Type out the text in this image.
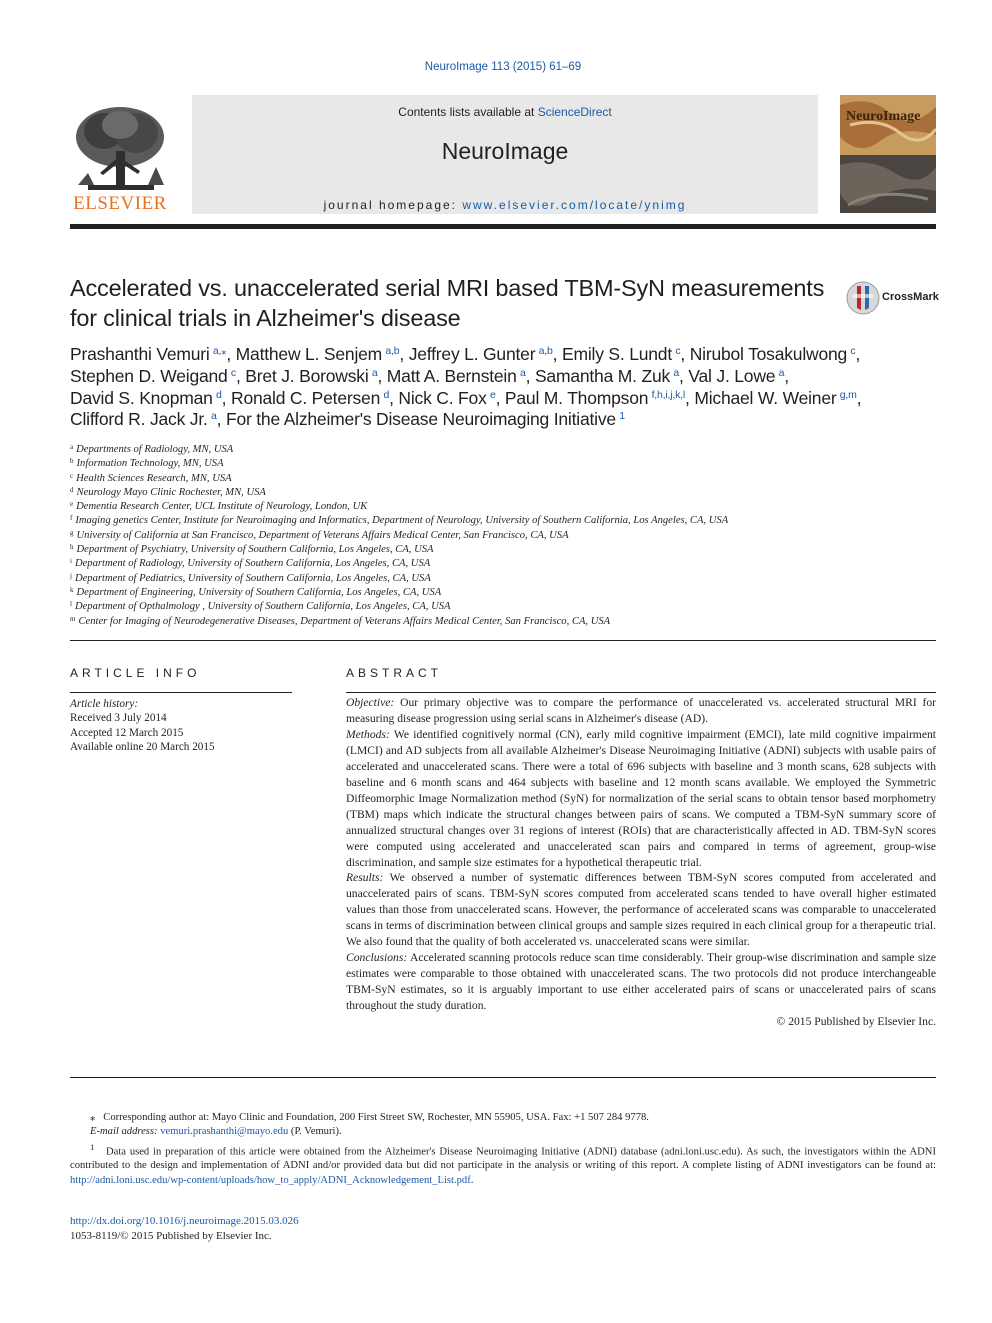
NeuroImage 113 (2015) 61–69
ELSEVIER
Contents lists available at ScienceDirect
NeuroImage
journal homepage: www.elsevier.com/locate/ynimg
NeuroImage
Accelerated vs. unaccelerated serial MRI based TBM-SyN measurements
for clinical trials in Alzheimer's disease
CrossMark
Prashanthi Vemuri  $^{a,⁎}$, Matthew L. Senjem  $^{a,b}$, Jeffrey L. Gunter  $^{a,b}$, Emily S. Lundt  $^c$, Nirubol Tosakulwong  $^c$,
Stephen D. Weigand  $^c$, Bret J. Borowski  $^a$, Matt A. Bernstein  $^a$, Samantha M. Zuk  $^a$, Val J. Lowe  $^a$,
David S. Knopman  $^d$, Ronald C. Petersen  $^d$, Nick C. Fox  $^e$, Paul M. Thompson  $^{f,h,i,j,k,l}$, Michael W. Weiner  $^{g,m}$,
Clifford R. Jack Jr.  $^a$, For the Alzheimer's Disease Neuroimaging Initiative  $^1$
$^a$ Departments of Radiology, MN, USA
$^b$ Information Technology, MN, USA
$^c$ Health Sciences Research, MN, USA
$^d$ Neurology Mayo Clinic Rochester, MN, USA
$^e$ Dementia Research Center, UCL Institute of Neurology, London, UK
$^f$ Imaging genetics Center, Institute for Neuroimaging and Informatics, Department of Neurology, University of Southern California, Los Angeles, CA, USA
$^g$ University of California at San Francisco, Department of Veterans Affairs Medical Center, San Francisco, CA, USA
$^h$ Department of Psychiatry, University of Southern California, Los Angeles, CA, USA
$^i$ Department of Radiology, University of Southern California, Los Angeles, CA, USA
$^j$ Department of Pediatrics, University of Southern California, Los Angeles, CA, USA
$^k$ Department of Engineering, University of Southern California, Los Angeles, CA, USA
$^l$ Department of Opthalmology , University of Southern California, Los Angeles, CA, USA
$^m$ Center for Imaging of Neurodegenerative Diseases, Department of Veterans Affairs Medical Center, San Francisco, CA, USA
ARTICLE INFO
Article history:
Received 3 July 2014
Accepted 12 March 2015
Available online 20 March 2015
ABSTRACT

Objective: Our primary objective was to compare the performance of unaccelerated vs. accelerated structural MRI for measuring disease progression using serial scans in Alzheimer's disease (AD).

Methods: We identified cognitively normal (CN), early mild cognitive impairment (EMCI), late mild cognitive impairment (LMCI) and AD subjects from all available Alzheimer's Disease Neuroimaging Initiative (ADNI) subjects with usable pairs of accelerated and unaccelerated scans. There were a total of 696 subjects with baseline and 3 month scans, 628 subjects with baseline and 6 month scans and 464 subjects with baseline and 12 month scans available. We employed the Symmetric Diffeomorphic Image Normalization method (SyN) for normalization of the serial scans to obtain tensor based morphometry (TBM) maps which indicate the structural changes between pairs of scans. We computed a TBM-SyN summary score of annualized structural changes over 31 regions of interest (ROIs) that are characteristically affected in AD. TBM-SyN scores were computed using accelerated and unaccelerated scan pairs and compared in terms of agreement, group-wise discrimination, and sample size estimates for a hypothetical therapeutic trial.

Results: We observed a number of systematic differences between TBM-SyN scores computed from accelerated and unaccelerated pairs of scans. TBM-SyN scores computed from accelerated scans tended to have overall higher estimated values than those from unaccelerated scans. However, the performance of accelerated scans was comparable to unaccelerated scans in terms of discrimination between clinical groups and sample sizes required in each clinical group for a therapeutic trial. We also found that the quality of both accelerated vs. unaccelerated scans were similar.

Conclusions: Accelerated scanning protocols reduce scan time considerably. Their group-wise discrimination and sample size estimates were comparable to those obtained with unaccelerated scans. The two protocols did not produce interchangeable TBM-SyN estimates, so it is arguably important to use either accelerated pairs of scans or unaccelerated pairs of scans throughout the study duration.

© 2015 Published by Elsevier Inc.

⁎ Corresponding author at: Mayo Clinic and Foundation, 200 First Street SW, Rochester, MN 55905, USA. Fax: +1 507 284 9778.

E-mail address: vemuri.prashanthi@mayo.edu (P. Vemuri).

$^1$ Data used in preparation of this article were obtained from the Alzheimer's Disease Neuroimaging Initiative (ADNI) database (adni.loni.usc.edu). As such, the investigators within the ADNI contributed to the design and implementation of ADNI and/or provided data but did not participate in the analysis or writing of this report. A complete listing of ADNI investigators can be found at: http://adni.loni.usc.edu/wp-content/uploads/how_to_apply/ADNI_Acknowledgement_List.pdf.

http://dx.doi.org/10.1016/j.neuroimage.2015.03.026
1053-8119/© 2015 Published by Elsevier Inc.
